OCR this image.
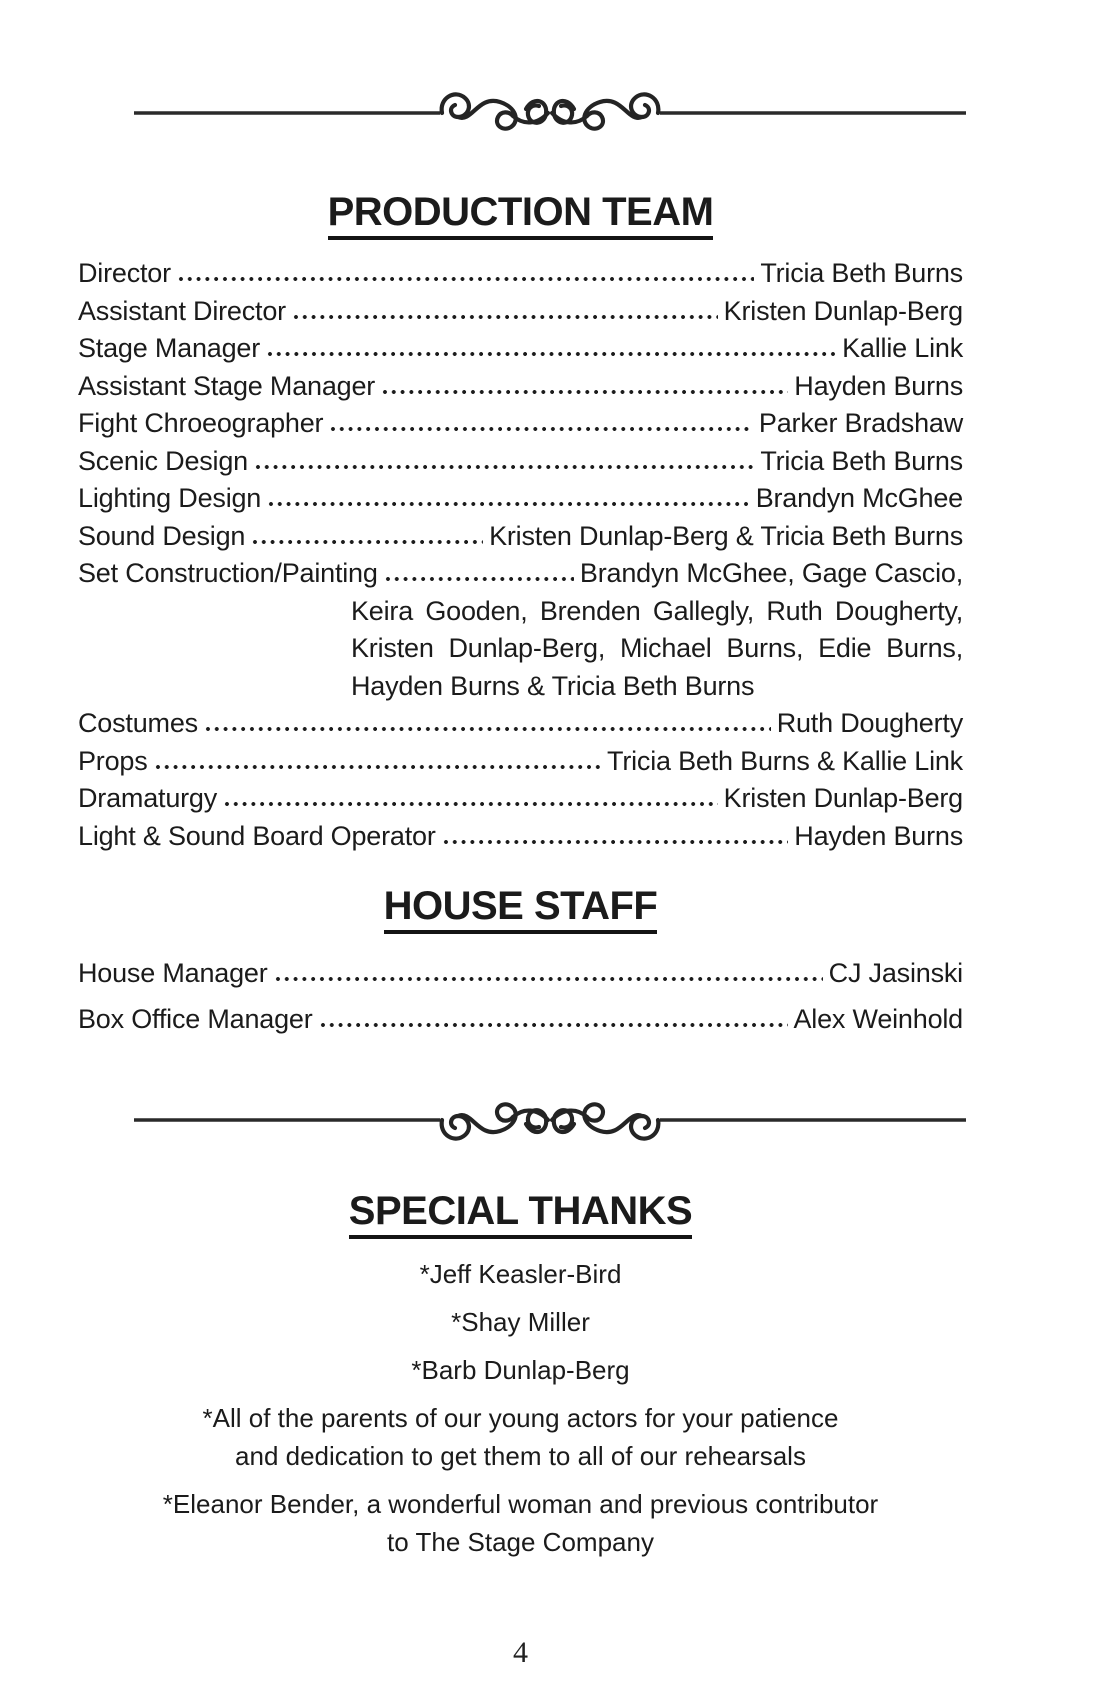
PRODUCTION TEAM
Director	Tricia Beth Burns
Assistant Director	Kristen Dunlap-Berg
Stage Manager	Kallie Link
Assistant Stage Manager	Hayden Burns
Fight Chroeographer	Parker Bradshaw
Scenic Design	Tricia Beth Burns
Lighting Design	Brandyn McGhee
Sound Design	Kristen Dunlap-Berg & Tricia Beth Burns
Set Construction/Painting	Brandyn McGhee, Gage Cascio,
Keira Gooden, Brenden Gallegly, Ruth Dougherty,
Kristen Dunlap-Berg, Michael Burns, Edie Burns,
Hayden Burns & Tricia Beth Burns
Costumes	Ruth Dougherty
Props	Tricia Beth Burns & Kallie Link
Dramaturgy	Kristen Dunlap-Berg
Light & Sound Board Operator	Hayden Burns
HOUSE STAFF
House Manager	CJ Jasinski
Box Office Manager	Alex Weinhold
SPECIAL THANKS
*Jeff Keasler-Bird
*Shay Miller
*Barb Dunlap-Berg
*All of the parents of our young actors for your patience
and dedication to get them to all of our rehearsals
*Eleanor Bender, a wonderful woman and previous contributor
to The Stage Company
4
